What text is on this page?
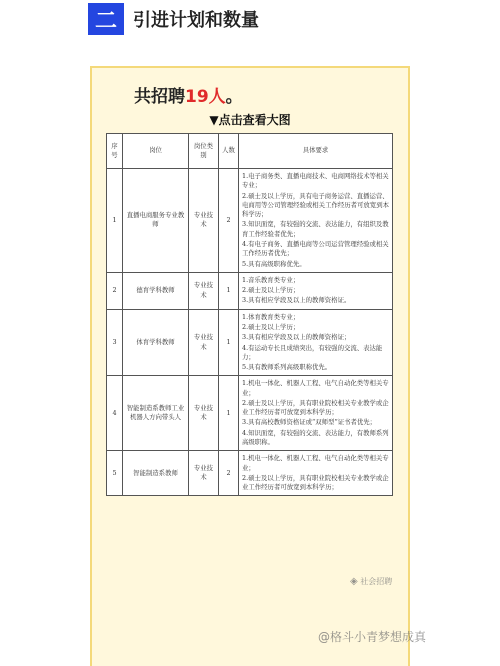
二 引进计划和数量
共招聘19人。
▼点击查看大图
序号	岗位	岗位类别	人数	具体要求
1	直播电商服务专业教师	专业技术	2	1.电子商务类、直播电商技术、电商网络技术等相关专业；
2.硕士及以上学历，具有电子商务运营、直播运营、电商用等公司管理经验或相关工作经历者可放宽到本科学历；
3.知识面宽，有较强的交流、表达能力，有组织及教育工作经验者优先；
4.有电子商务、直播电商等公司运营管理经验或相关工作经历者优先；
5.具有高级职称优先。

2	德育学科教师	专业技术	1	1.音乐教育类专业；
2.硕士及以上学历；
3.具有相应学段及以上的教师资格证。

3	体育学科教师	专业技术	1	1.体育教育类专业；
2.硕士及以上学历；
3.具有相应学段及以上的教师资格证；
4.有运动专长且成绩突出，有较强的交流、表达能力；
5.具有教师系列高级职称优先。

4	智能制造系教师工业机器人方向带头人	专业技术	1	1.机电一体化、机器人工程、电气自动化类等相关专业；
2.硕士及以上学历，具有职业院校相关专业教学或企业工作经历者可放宽到本科学历；
3.具有高校教师资格证或“双师型”证书者优先；
4.知识面宽，有较强的交流、表达能力，有教师系列高级职称。

5	智能制造系教师	专业技术	2	1.机电一体化、机器人工程、电气自动化类等相关专业；
2.硕士及以上学历，具有职业院校相关专业教学或企业工作经历者可放宽到本科学历；
◈ 社会招聘
@格斗小青梦想成真
